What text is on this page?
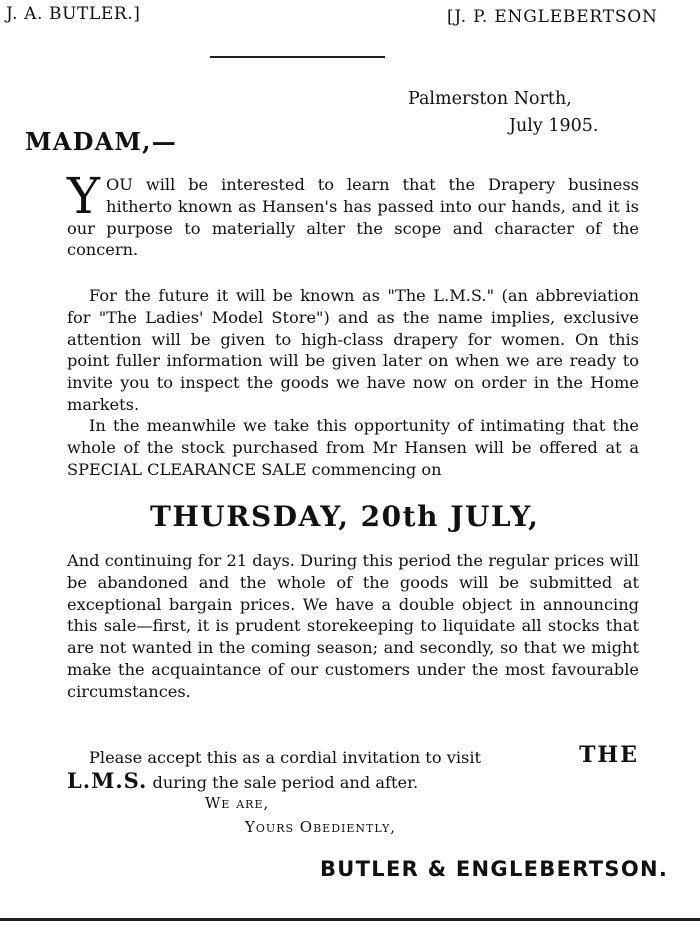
J. A. BUTLER.]	[J. P. ENGLEBERTSON
Palmerston North,
July 1905.
MADAM,—
YOU will be interested to learn that the Drapery business hitherto known as Hansen's has passed into our hands, and it is our purpose to materially alter the scope and character of the concern.
For the future it will be known as "The L.M.S." (an abbreviation for "The Ladies' Model Store") and as the name implies, exclusive attention will be given to high-class drapery for women. On this point fuller information will be given later on when we are ready to invite you to inspect the goods we have now on order in the Home markets.
In the meanwhile we take this opportunity of intimating that the whole of the stock purchased from Mr Hansen will be offered at a SPECIAL CLEARANCE SALE commencing on
THURSDAY, 20th JULY,
And continuing for 21 days. During this period the regular prices will be abandoned and the whole of the goods will be submitted at exceptional bargain prices. We have a double object in announcing this sale—first, it is prudent storekeeping to liquidate all stocks that are not wanted in the coming season; and secondly, so that we might make the acquaintance of our customers under the most favourable circumstances.
THE
Please accept this as a cordial invitation to visit
L.M.S. during the sale period and after.
We are,
Yours Obediently,
BUTLER & ENGLEBERTSON.
